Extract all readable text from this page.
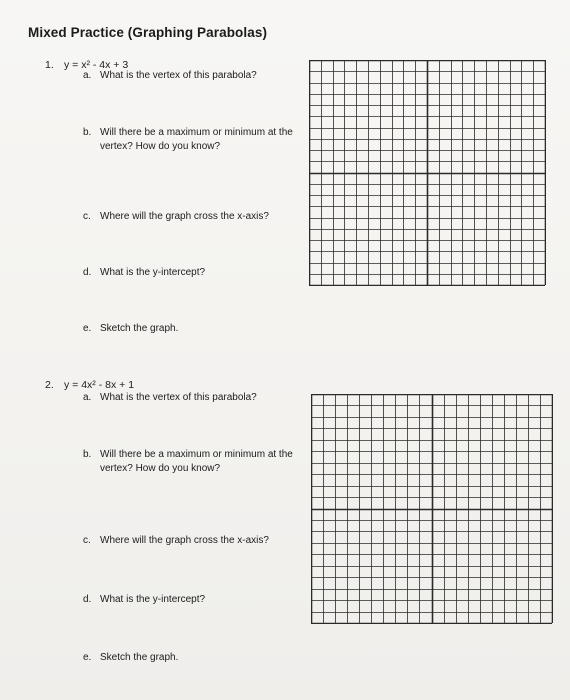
Mixed Practice (Graphing Parabolas)
1. y = x² - 4x + 3
a. What is the vertex of this parabola?
b. Will there be a maximum or minimum at the vertex? How do you know?
c. Where will the graph cross the x-axis?
d. What is the y-intercept?
e. Sketch the graph.
2. y = 4x² - 8x + 1
a. What is the vertex of this parabola?
b. Will there be a maximum or minimum at the vertex? How do you know?
c. Where will the graph cross the x-axis?
d. What is the y-intercept?
e. Sketch the graph.
